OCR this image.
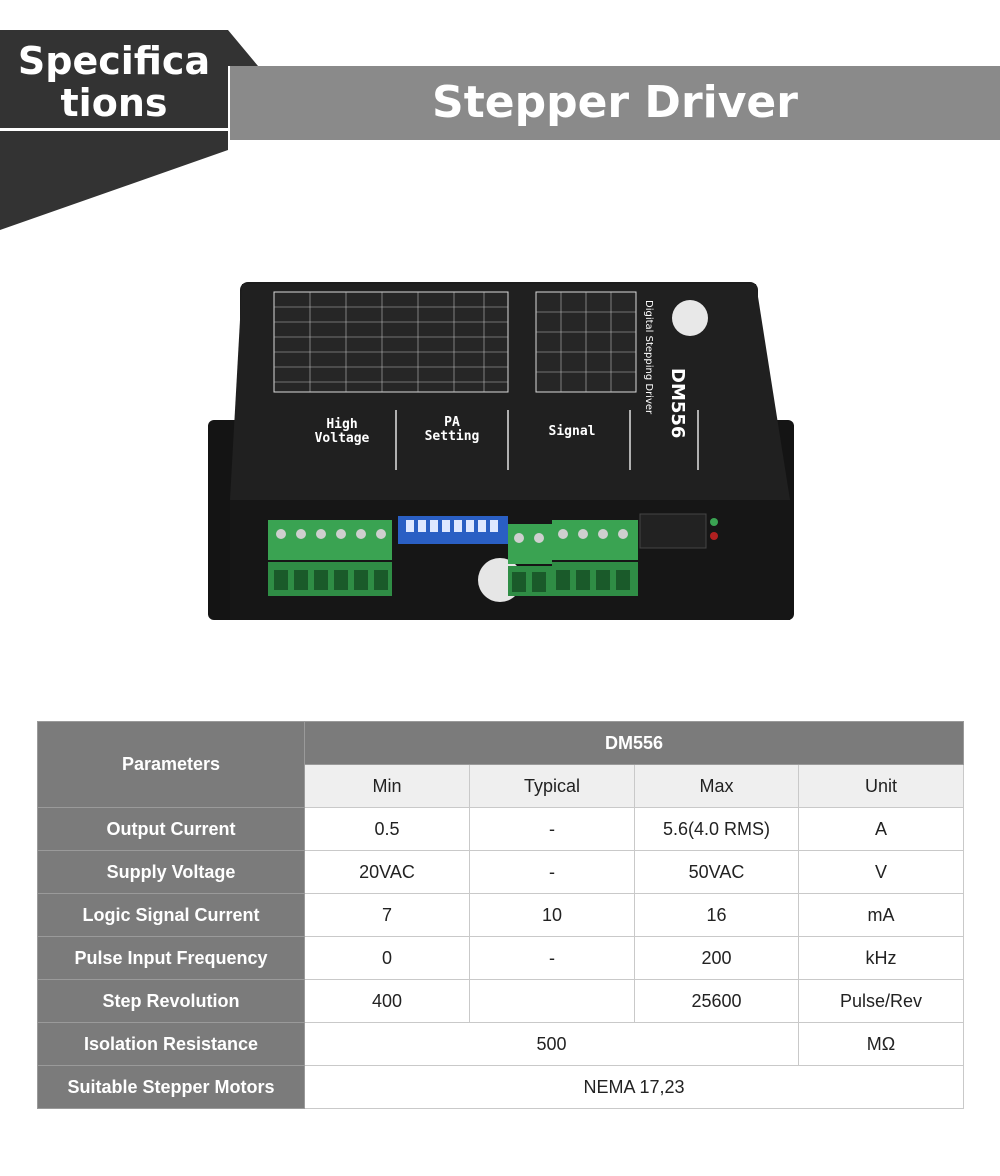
Specifica
tions	Stepper Driver
DM556
Digital Stepping Driver
High
Voltage
PA
Setting	Signal
Parameters	DM556			
	Min	Typical	Max	Unit
Output Current	0.5	-	5.6(4.0 RMS)	A
Supply Voltage	20VAC	-	50VAC	V
Logic Signal Current	7	10	16	mA
Pulse Input Frequency	0	-	200	kHz
Step Revolution	400		25600	Pulse/Rev
Isolation Resistance	500			MΩ
Suitable Stepper Motors	NEMA 17,23			
